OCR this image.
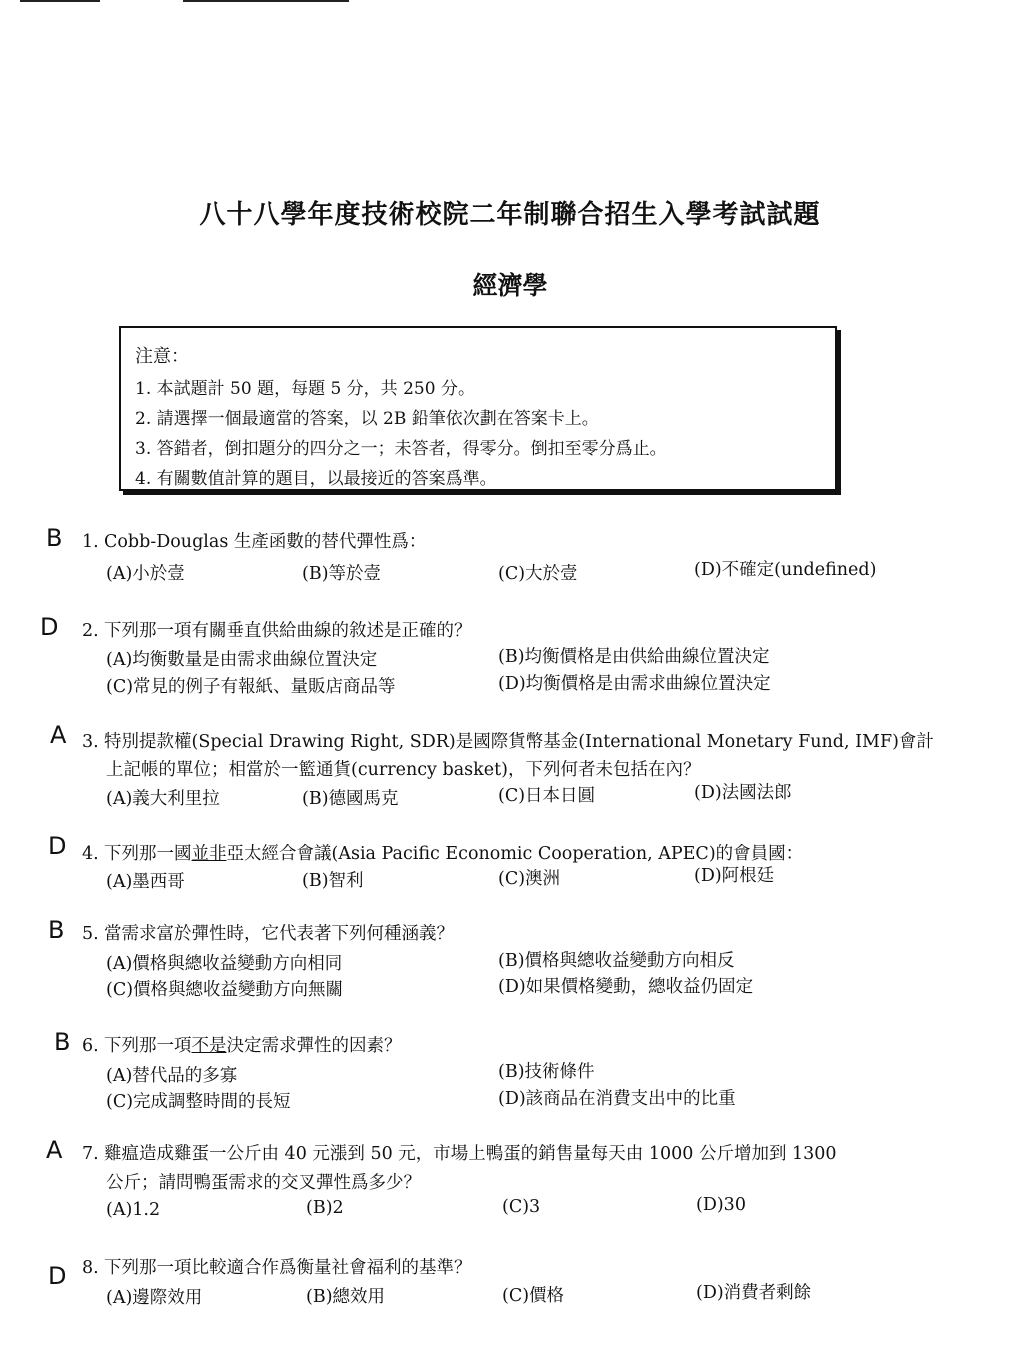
八十八學年度技術校院二年制聯合招生入學考試試題
經濟學
注意：
1. 本試題計 50 題，每題 5 分，共 250 分。
2. 請選擇一個最適當的答案，以 2B 鉛筆依次劃在答案卡上。
3. 答錯者，倒扣題分的四分之一；未答者，得零分。倒扣至零分爲止。
4. 有關數值計算的題目，以最接近的答案爲準。
B 1. Cobb-Douglas 生產函數的替代彈性爲：
(A)小於壹	(B)等於壹	(C)大於壹	(D)不確定(undefined)
D 2. 下列那一項有關垂直供給曲線的敘述是正確的？
(A)均衡數量是由需求曲線位置決定	(B)均衡價格是由供給曲線位置決定
(C)常見的例子有報紙、量販店商品等	(D)均衡價格是由需求曲線位置決定
A 3. 特別提款權(Special Drawing Right, SDR)是國際貨幣基金(International Monetary Fund, IMF)會計
上記帳的單位；相當於一籃通貨(currency basket)，下列何者未包括在內？
(A)義大利里拉	(B)德國馬克	(C)日本日圓	(D)法國法郎
D 4. 下列那一國並非亞太經合會議(Asia Pacific Economic Cooperation, APEC)的會員國：
(A)墨西哥	(B)智利	(C)澳洲	(D)阿根廷
B 5. 當需求富於彈性時，它代表著下列何種涵義？
(A)價格與總收益變動方向相同	(B)價格與總收益變動方向相反
(C)價格與總收益變動方向無關	(D)如果價格變動，總收益仍固定
B 6. 下列那一項不是決定需求彈性的因素？
(A)替代品的多寡	(B)技術條件
(C)完成調整時間的長短	(D)該商品在消費支出中的比重
A 7. 雞瘟造成雞蛋一公斤由 40 元漲到 50 元，市場上鴨蛋的銷售量每天由 1000 公斤增加到 1300
公斤；請問鴨蛋需求的交叉彈性爲多少？
(A)1.2	(B)2	(C)3	(D)30
D 8. 下列那一項比較適合作爲衡量社會福利的基準？
(A)邊際效用	(B)總效用	(C)價格	(D)消費者剩餘
